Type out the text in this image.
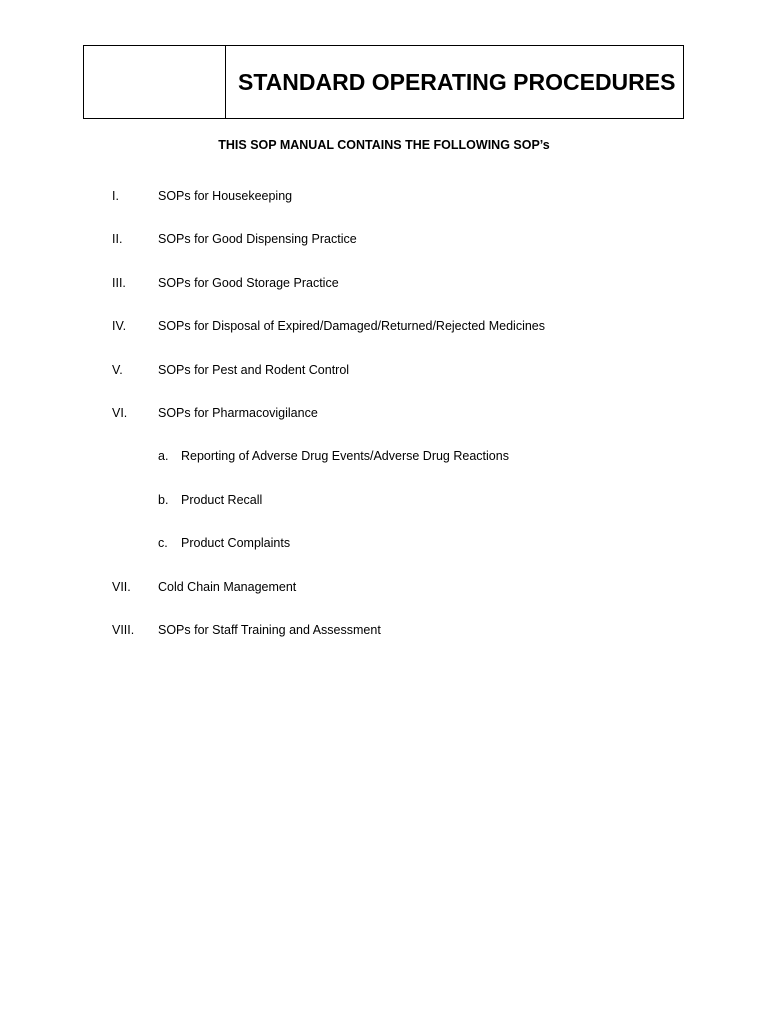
STANDARD OPERATING PROCEDURES
THIS SOP MANUAL CONTAINS THE FOLLOWING SOP’s
I.	SOPs for Housekeeping
II.	SOPs for Good Dispensing Practice
III.	SOPs for Good Storage Practice
IV.	SOPs for Disposal of Expired/Damaged/Returned/Rejected Medicines
V.	SOPs for Pest and Rodent Control
VI. SOPs for Pharmacovigilance
a. Reporting of Adverse Drug Events/Adverse Drug Reactions
b. Product Recall
c. Product Complaints
VII. Cold Chain Management
VIII. SOPs for Staff Training and Assessment
